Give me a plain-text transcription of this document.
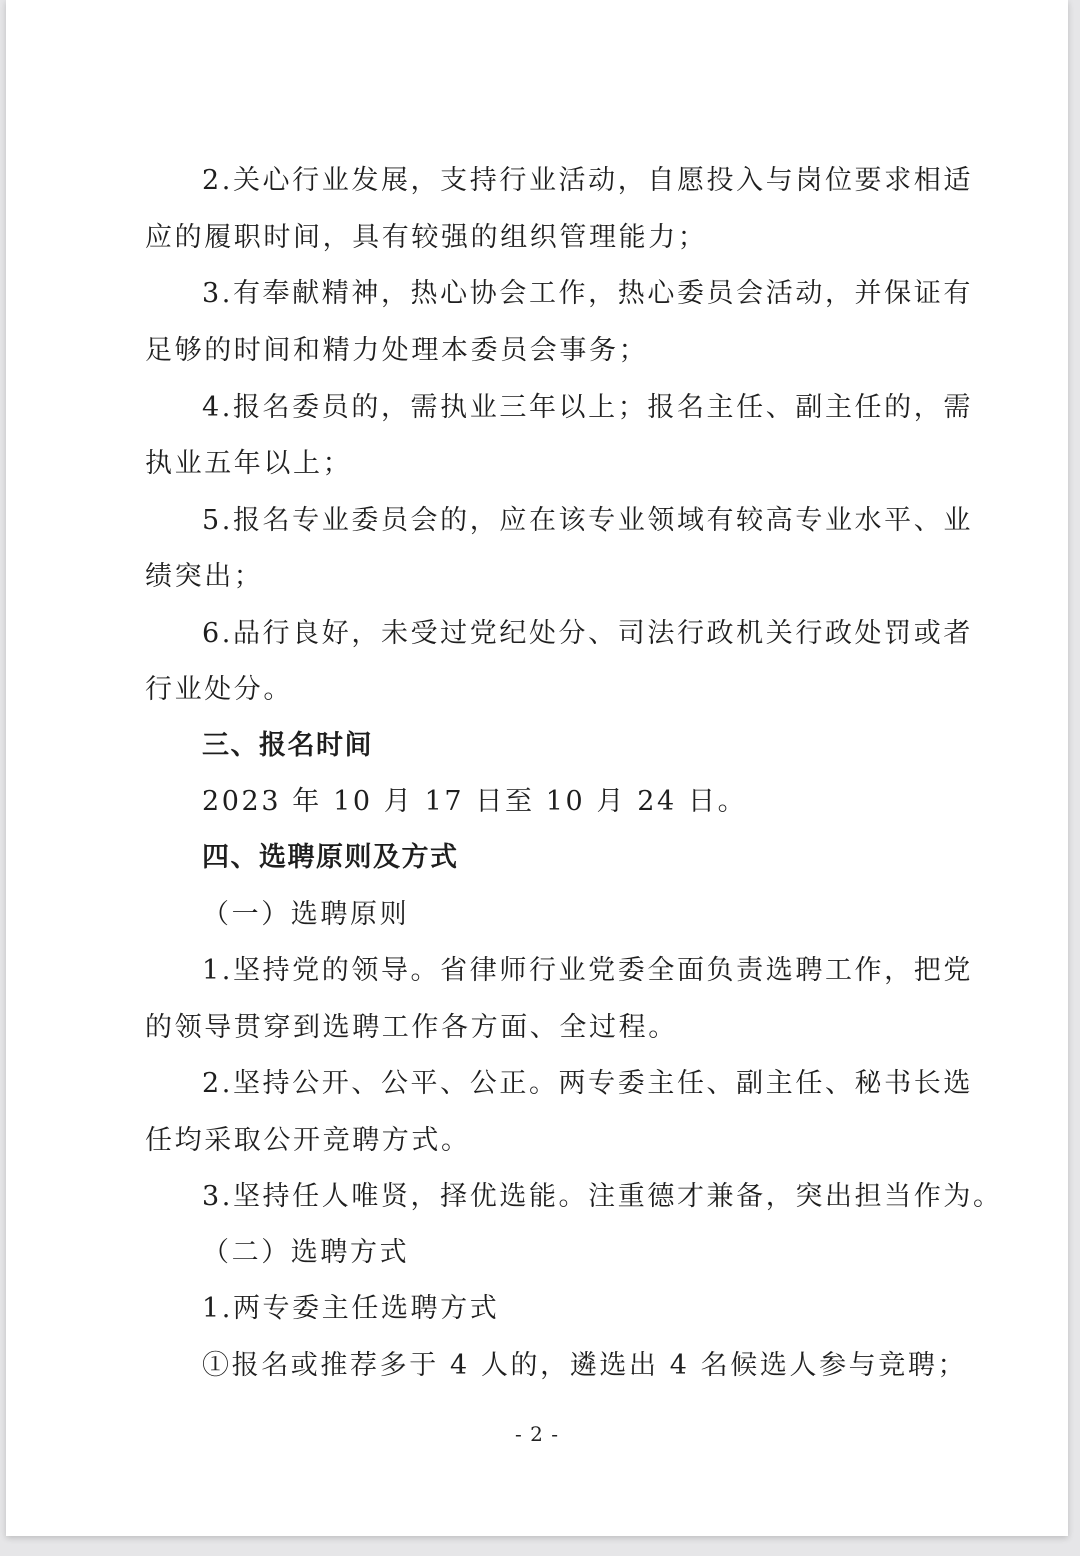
2.关心行业发展，支持行业活动，自愿投入与岗位要求相适
应的履职时间，具有较强的组织管理能力；
3.有奉献精神，热心协会工作，热心委员会活动，并保证有
足够的时间和精力处理本委员会事务；
4.报名委员的，需执业三年以上；报名主任、副主任的，需
执业五年以上；
5.报名专业委员会的，应在该专业领域有较高专业水平、业
绩突出；
6.品行良好，未受过党纪处分、司法行政机关行政处罚或者
行业处分。
三、报名时间
2023 年 10 月 17 日至 10 月 24 日。
四、选聘原则及方式
（一）选聘原则
1.坚持党的领导。省律师行业党委全面负责选聘工作，把党
的领导贯穿到选聘工作各方面、全过程。
2.坚持公开、公平、公正。两专委主任、副主任、秘书长选
任均采取公开竞聘方式。
3.坚持任人唯贤，择优选能。注重德才兼备，突出担当作为。
（二）选聘方式
1.两专委主任选聘方式
①报名或推荐多于 4 人的，遴选出 4 名候选人参与竞聘；
- 2 -
